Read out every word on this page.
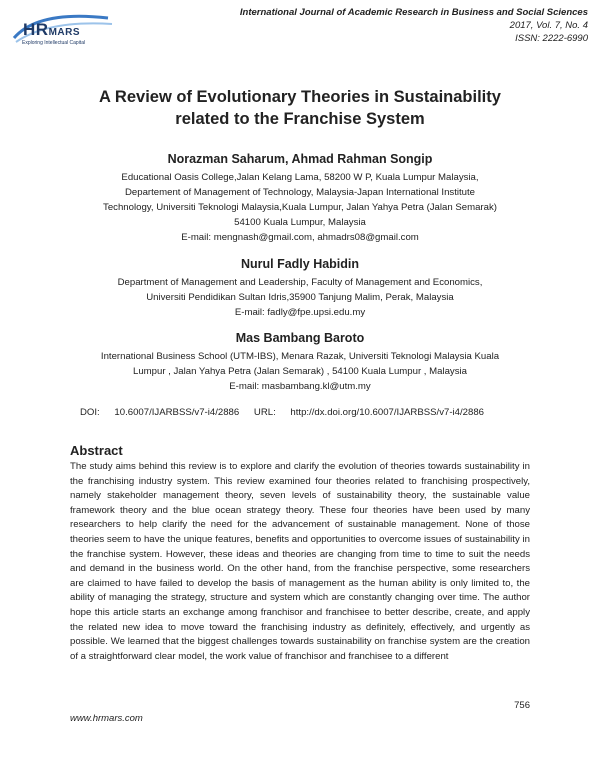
HRMARS
Exploring Intellectual Capital
International Journal of Academic Research in Business and Social Sciences
2017, Vol. 7, No. 4
ISSN: 2222-6990
A Review of Evolutionary Theories in Sustainability
related to the Franchise System
Norazman Saharum, Ahmad Rahman Songip
Educational Oasis College,Jalan Kelang Lama, 58200 W P, Kuala Lumpur Malaysia,
Departement of Management of Technology, Malaysia-Japan International Institute
Technology, Universiti Teknologi Malaysia,Kuala Lumpur, Jalan Yahya Petra (Jalan Semarak)
54100 Kuala Lumpur, Malaysia
E-mail: mengnash@gmail.com, ahmadrs08@gmail.com
Nurul Fadly Habidin
Department of Management and Leadership, Faculty of Management and Economics,
Universiti Pendidikan Sultan Idris,35900 Tanjung Malim, Perak, Malaysia
E-mail: fadly@fpe.upsi.edu.my
Mas Bambang Baroto
International Business School (UTM-IBS), Menara Razak, Universiti Teknologi Malaysia Kuala
Lumpur , Jalan Yahya Petra (Jalan Semarak) , 54100 Kuala Lumpur , Malaysia
E-mail: masbambang.kl@utm.my
DOI: 10.6007/IJARBSS/v7-i4/2886 URL: http://dx.doi.org/10.6007/IJARBSS/v7-i4/2886
Abstract
The study aims behind this review is to explore and clarify the evolution of theories towards sustainability in the franchising industry system. This review examined four theories related to franchising prospectively, namely stakeholder management theory, seven levels of sustainability theory, the sustainable value framework theory and the blue ocean strategy theory. These four theories have been used by many researchers to help clarify the need for the advancement of sustainable management. None of those theories seem to have the unique features, benefits and opportunities to overcome issues of sustainability in the franchise system. However, these ideas and theories are changing from time to time to suit the needs and demand in the business world. On the other hand, from the franchise perspective, some researchers are claimed to have failed to develop the basis of management as the human ability is only limited to, the ability of managing the strategy, structure and system which are constantly changing over time. The author hope this article starts an exchange among franchisor and franchisee to better describe, create, and apply the related new idea to move toward the franchising industry as definitely, effectively, and urgently as possible. We learned that the biggest challenges towards sustainability on franchise system are the creation of a straightforward clear model, the work value of franchisor and franchisee to a different
756
www.hrmars.com
